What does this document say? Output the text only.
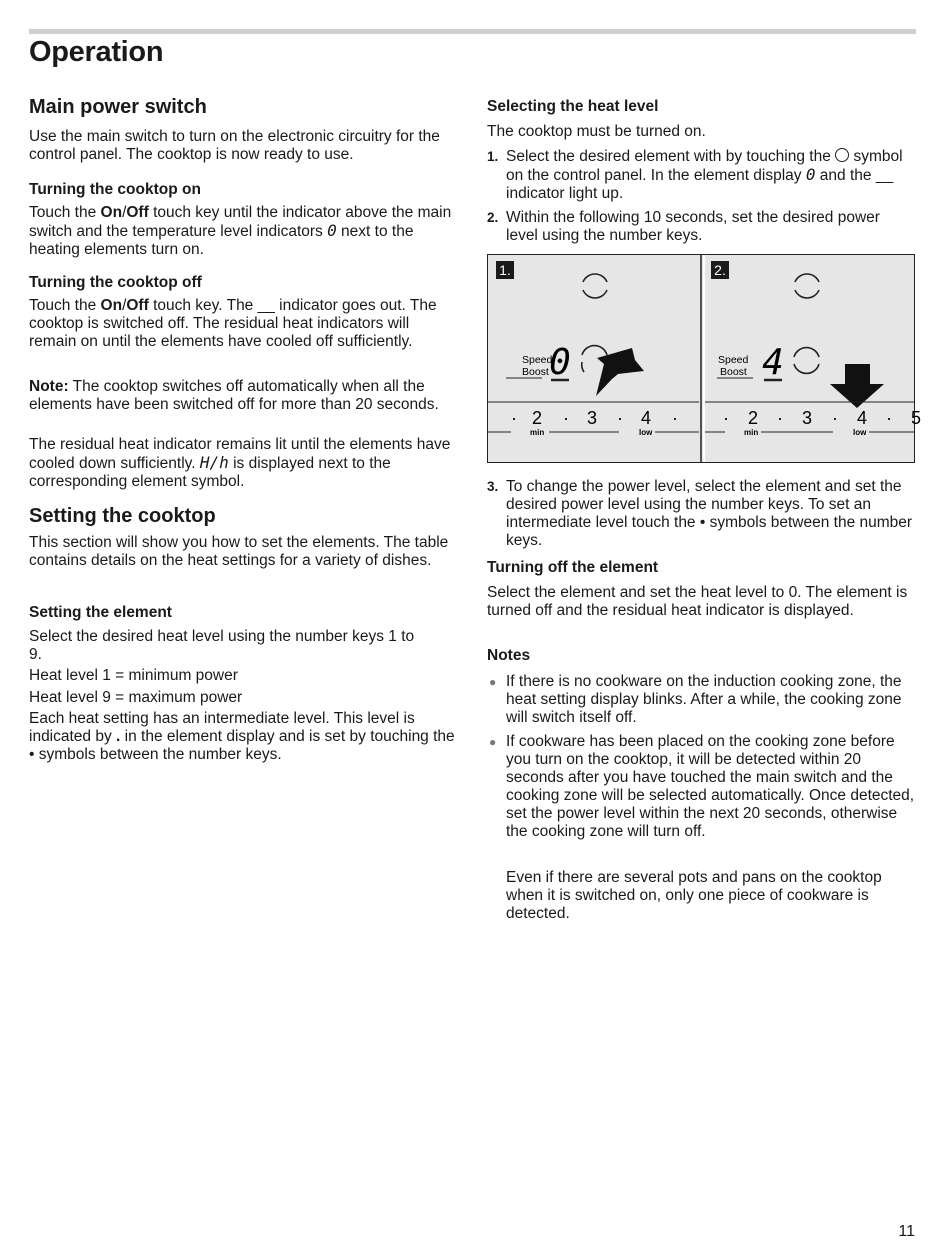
Operation
Main power switch

Use the main switch to turn on the electronic circuitry for the control panel. The cooktop is now ready to use.

Turning the cooktop on
Touch the On/Off touch key until the indicator above the main switch and the temperature level indicators 0 next to the heating elements turn on.
Turning the cooktop off
Touch the On/Off touch key. The __ indicator goes out. The cooktop is switched off. The residual heat indicators will remain on until the elements have cooled off sufficiently.
Note: The cooktop switches off automatically when all the elements have been switched off for more than 20 seconds.
The residual heat indicator remains lit until the elements have cooled down sufficiently. H/h is displayed next to the corresponding element symbol.
Setting the cooktop

This section will show you how to set the elements. The table contains details on the heat settings for a variety of dishes.

Setting the element

Select the desired heat level using the number keys 1 to 9.

Heat level 1 = minimum power

Heat level 9 = maximum power

Each heat setting has an intermediate level. This level is indicated by . in the element display and is set by touching the • symbols between the number keys.
Selecting the heat level

The cooktop must be turned on.

1. Select the desired element with by touching the  symbol on the control panel. In the element display 0 and the __ indicator light up.
2. Within the following 10 seconds, set the desired power level using the number keys.
1.
Speed
Boost 0
· 2 · 3 · 4 ·
min	low
2.
Speed
Boost 4
· 2 · 3 · 4 · 5
min	low
3. To change the power level, select the element and set the desired power level using the number keys. To set an intermediate level touch the • symbols between the number keys.
Turning off the element

Select the element and set the heat level to 0. The element is turned off and the residual heat indicator is displayed.

Notes
● If there is no cookware on the induction cooking zone, the heat setting display blinks. After a while, the cooking zone will switch itself off.
● If cookware has been placed on the cooking zone before you turn on the cooktop, it will be detected within 20 seconds after you have touched the main switch and the cooking zone will be selected automatically. Once detected, set the power level within the next 20 seconds, otherwise the cooking zone will turn off.
Even if there are several pots and pans on the cooktop when it is switched on, only one piece of cookware is detected.
11
